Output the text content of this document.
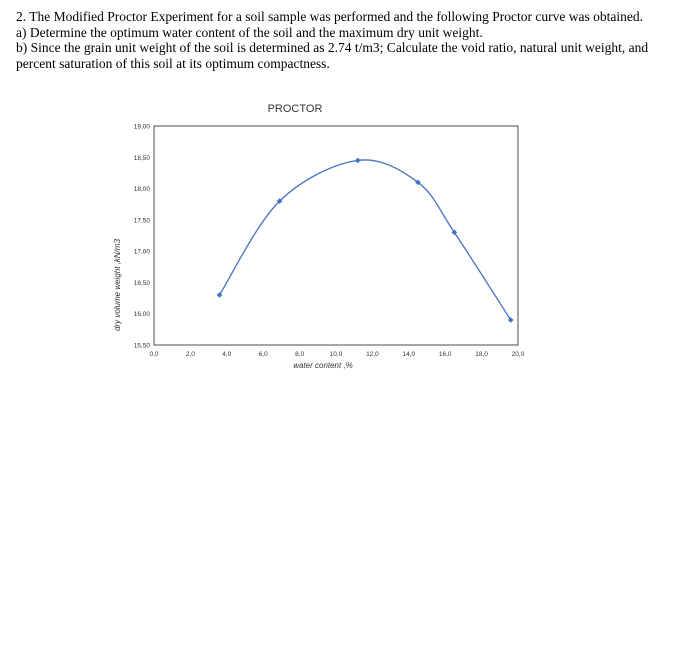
2. The Modified Proctor Experiment for a soil sample was performed and the following Proctor curve was obtained.
a) Determine the optimum water content of the soil and the maximum dry unit weight.
b) Since the grain unit weight of the soil is determined as 2.74 t/m3; Calculate the void ratio, natural unit weight, and
percent saturation of this soil at its optimum compactness.
PROCTOR
15,50
16,00
16,50
17,00
17,50
18,00
18,50
19,00
0,0	2,0	4,0	6,0	8,0	10,0	12,0	14,0	16,0	18,0	20,0
water content ,%
dry volume weight ,kN/m3
